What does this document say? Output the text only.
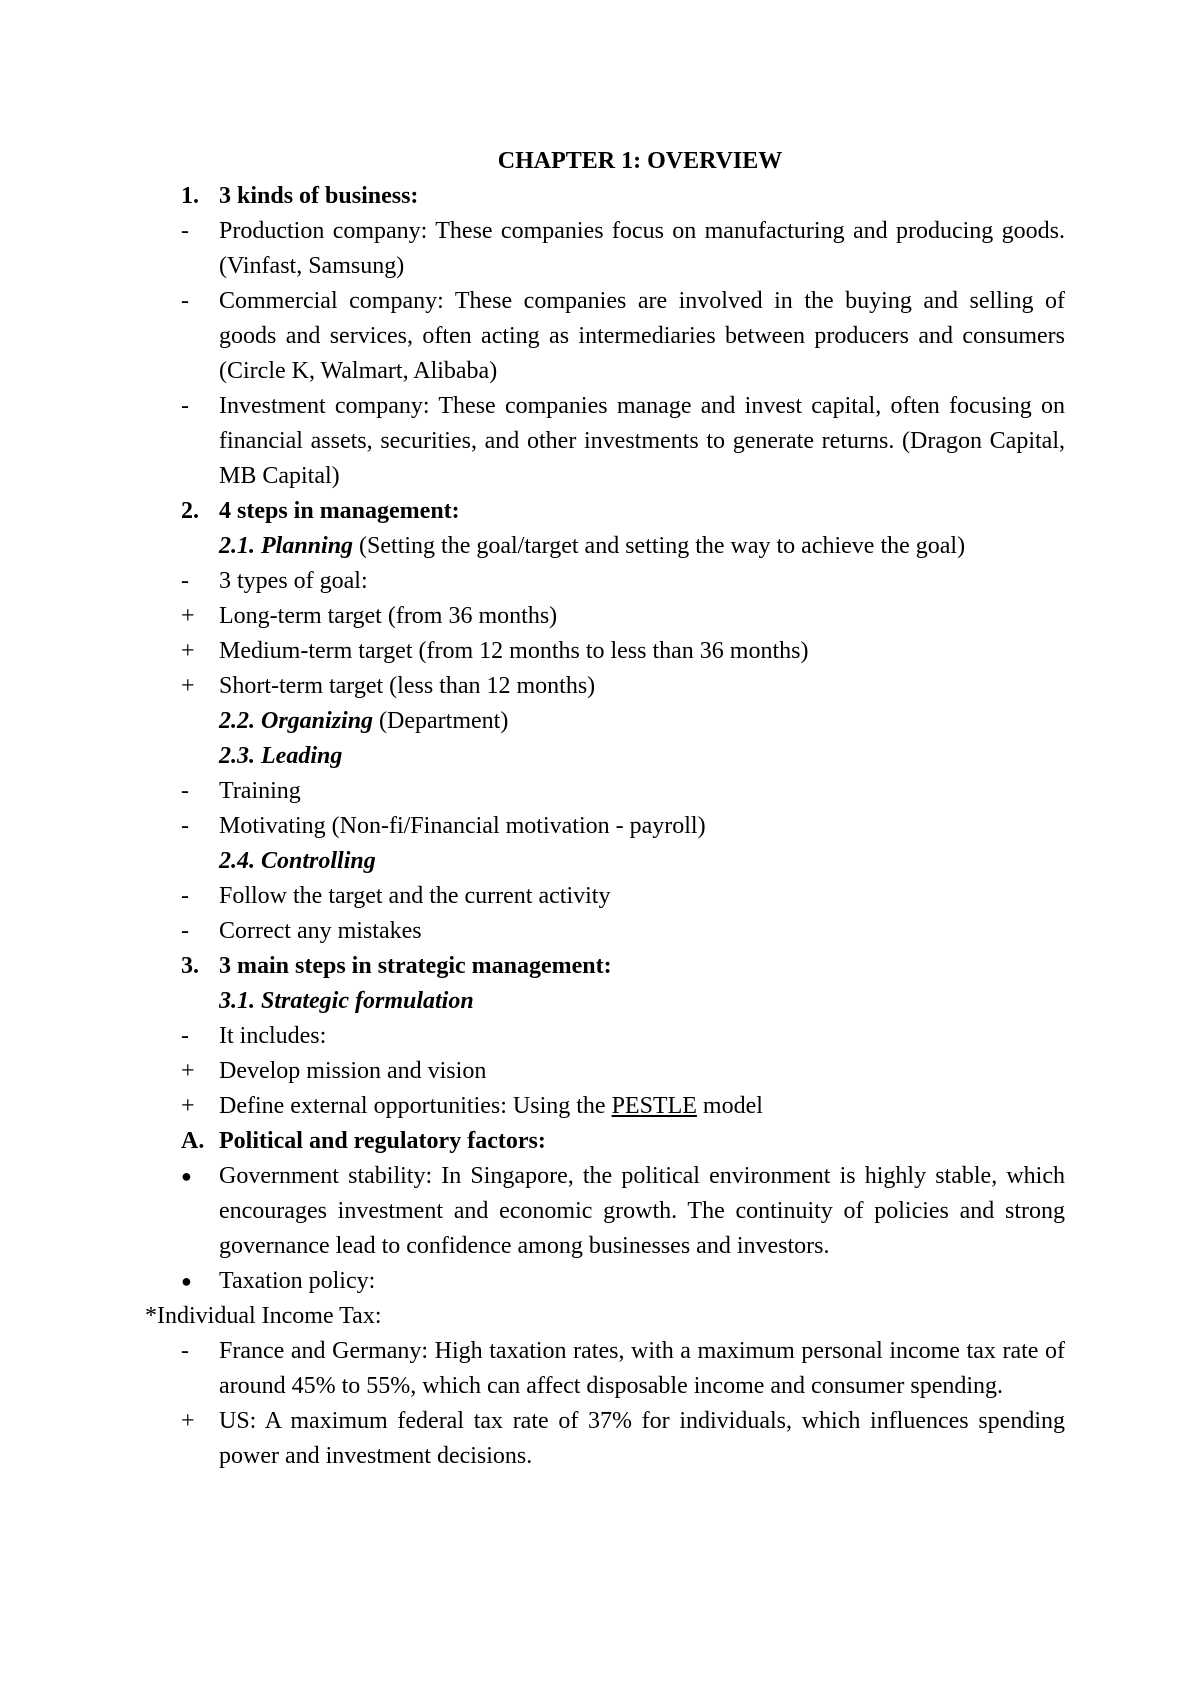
CHAPTER 1: OVERVIEW
1. 3 kinds of business:
-	Production company: These companies focus on manufacturing and producing goods. (Vinfast, Samsung)
-	Commercial company: These companies are involved in the buying and selling of goods and services, often acting as intermediaries between producers and consumers (Circle K, Walmart, Alibaba)
-	Investment company: These companies manage and invest capital, often focusing on financial assets, securities, and other investments to generate returns. (Dragon Capital, MB Capital)
2. 4 steps in management:
2.1. Planning (Setting the goal/target and setting the way to achieve the goal)
-	3 types of goal:
+	Long-term target (from 36 months)
+	Medium-term target (from 12 months to less than 36 months)
+	Short-term target (less than 12 months)
2.2. Organizing (Department)
2.3. Leading
-	Training
-	Motivating (Non-fi/Financial motivation - payroll)
2.4. Controlling
-	Follow the target and the current activity
-	Correct any mistakes
3. 3 main steps in strategic management:
3.1. Strategic formulation
-	It includes:
+	Develop mission and vision
+	Define external opportunities: Using the PESTLE model
A. Political and regulatory factors:
●	Government stability: In Singapore, the political environment is highly stable, which encourages investment and economic growth. The continuity of policies and strong governance lead to confidence among businesses and investors.
●	Taxation policy:
*Individual Income Tax:
-	France and Germany: High taxation rates, with a maximum personal income tax rate of around 45% to 55%, which can affect disposable income and consumer spending.
+	US: A maximum federal tax rate of 37% for individuals, which influences spending power and investment decisions.
